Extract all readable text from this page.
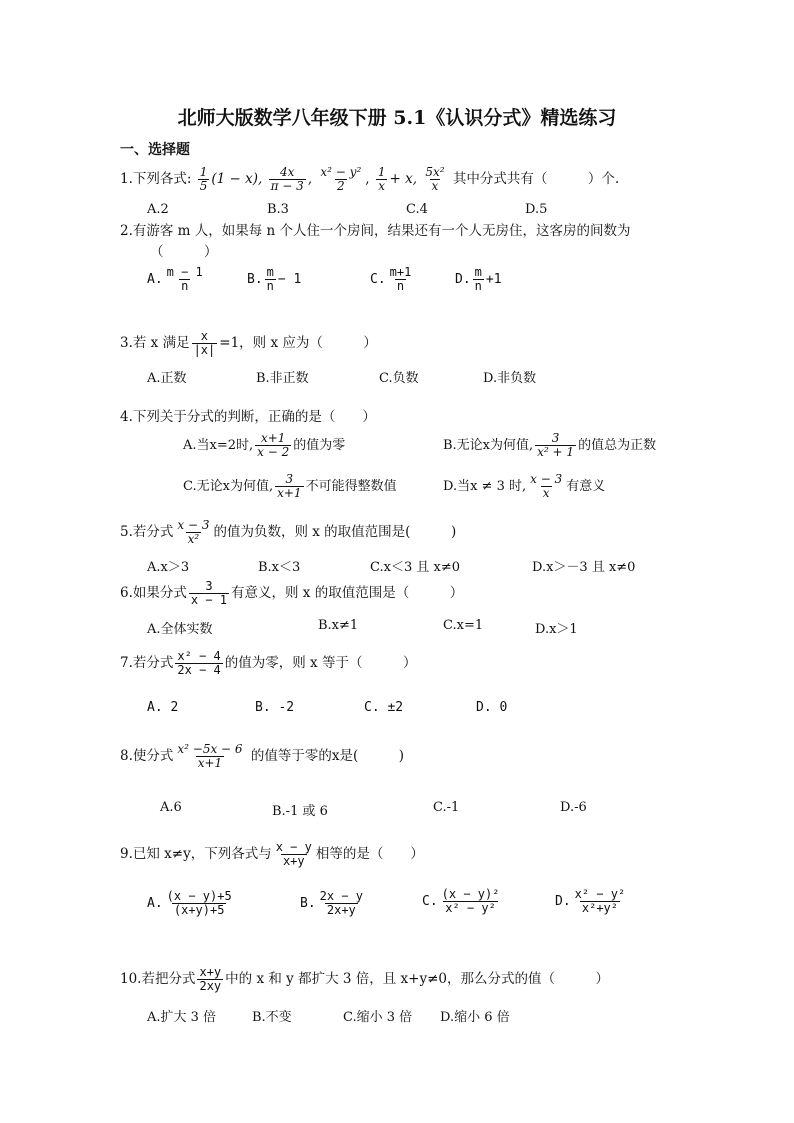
北师大版数学八年级下册 5.1《认识分式》精选练习
一、选择题
1.下列各式: $\frac{1}{5} (1 - x)$, $\frac{4x}{\pi - 3}$ , $\frac{\text{x² − y²}}{2}$ , $\frac{1}{x} + x$, $\frac{\text{5x²}}{x}$ 其中分式共有（　　　）个.
A.2	B.3	C.4	D.5
2.有游客 m 人，如果每 n 个人住一个房间，结果还有一个人无房住，这客房的间数为
（　　　）
A. $\frac{m - 1}{n}$	B. $\frac{m}{n} - 1$	C. $\frac{m+1}{n}$	D. $\frac{m}{n} +1$
3.若 x 满足 $\frac{x}{|x|} =1$，则 x 应为（　　　）
A.正数	B.非正数	C.负数	D.非负数
4.下列关于分式的判断，正确的是（　　）
A.当x=2时, $\frac{x+1}{x - 2}$ 的值为零	B.无论x为何值, $\frac{3}{\text{x² + 1}}$ 的值总为正数
C.无论x为何值, $\frac{3}{x+1}$ 不可能得整数值	D.当x ≠ 3 时, $\frac{x - 3}{x}$ 有意义
5.若分式 $\frac{x - 3}{\text{x²}}$ 的值为负数，则 x 的取值范围是(　　　)
A.x＞3	B.x＜3	C.x＜3 且 x≠0	D.x＞－3 且 x≠0
6.如果分式 $\frac{3}{x - 1}$ 有意义，则 x 的取值范围是（　　　）
A.全体实数	B.x≠1	C.x=1	D.x＞1
7.若分式 $\frac{\text{x² − 4}}{2x - 4}$ 的值为零，则 x 等于（　　　）
A. 2	B. -2	C. ±2	D. 0
8.使分式 $\frac{\text{x² −5x − 6}}{x+1}$ 的值等于零的x是(　　　)
A.6	B.-1 或 6	C.-1	D.-6
9.已知 x≠y，下列各式与 $\frac{x - y}{x+y}$ 相等的是（　　）
A. $\frac{(x - y)+5}{(x+y)+5}$	B. $\frac{2x - y}{2x+y}$	C. $\frac{\text{(x − y)²}}{\text{x² − y²}}$	D. $\frac{\text{x² − y²}}{\text{x²+y²}}$
10.若把分式 $\frac{x+y}{2xy}$ 中的 x 和 y 都扩大 3 倍，且 x+y≠0，那么分式的值（　　　）
A.扩大 3 倍	B.不变	C.缩小 3 倍 D.缩小 6 倍
